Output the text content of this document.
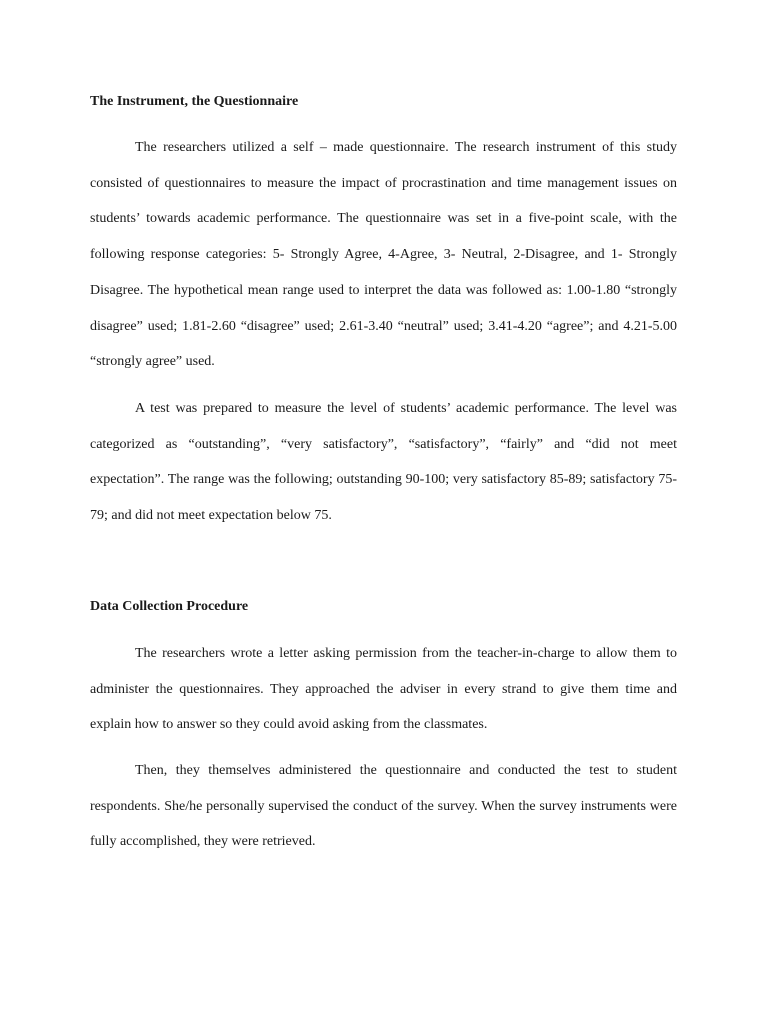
The Instrument, the Questionnaire

The researchers utilized a self – made questionnaire. The research instrument of this study consisted of questionnaires to measure the impact of procrastination and time management issues on students’ towards academic performance. The questionnaire was set in a five-point scale, with the following response categories: 5- Strongly Agree, 4-Agree, 3- Neutral, 2-Disagree, and 1- Strongly Disagree. The hypothetical mean range used to interpret the data was followed as: 1.00-1.80 “strongly disagree” used; 1.81-2.60 “disagree” used; 2.61-3.40 “neutral” used; 3.41-4.20 “agree”; and 4.21-5.00 “strongly agree” used.

A test was prepared to measure the level of students’ academic performance. The level was categorized as “outstanding”, “very satisfactory”, “satisfactory”, “fairly” and “did not meet expectation”. The range was the following; outstanding 90-100; very satisfactory 85-89; satisfactory 75-79; and did not meet expectation below 75.

Data Collection Procedure

The researchers wrote a letter asking permission from the teacher-in-charge to allow them to administer the questionnaires. They approached the adviser in every strand to give them time and explain how to answer so they could avoid asking from the classmates.

Then, they themselves administered the questionnaire and conducted the test to student respondents. She/he personally supervised the conduct of the survey. When the survey instruments were fully accomplished, they were retrieved.
